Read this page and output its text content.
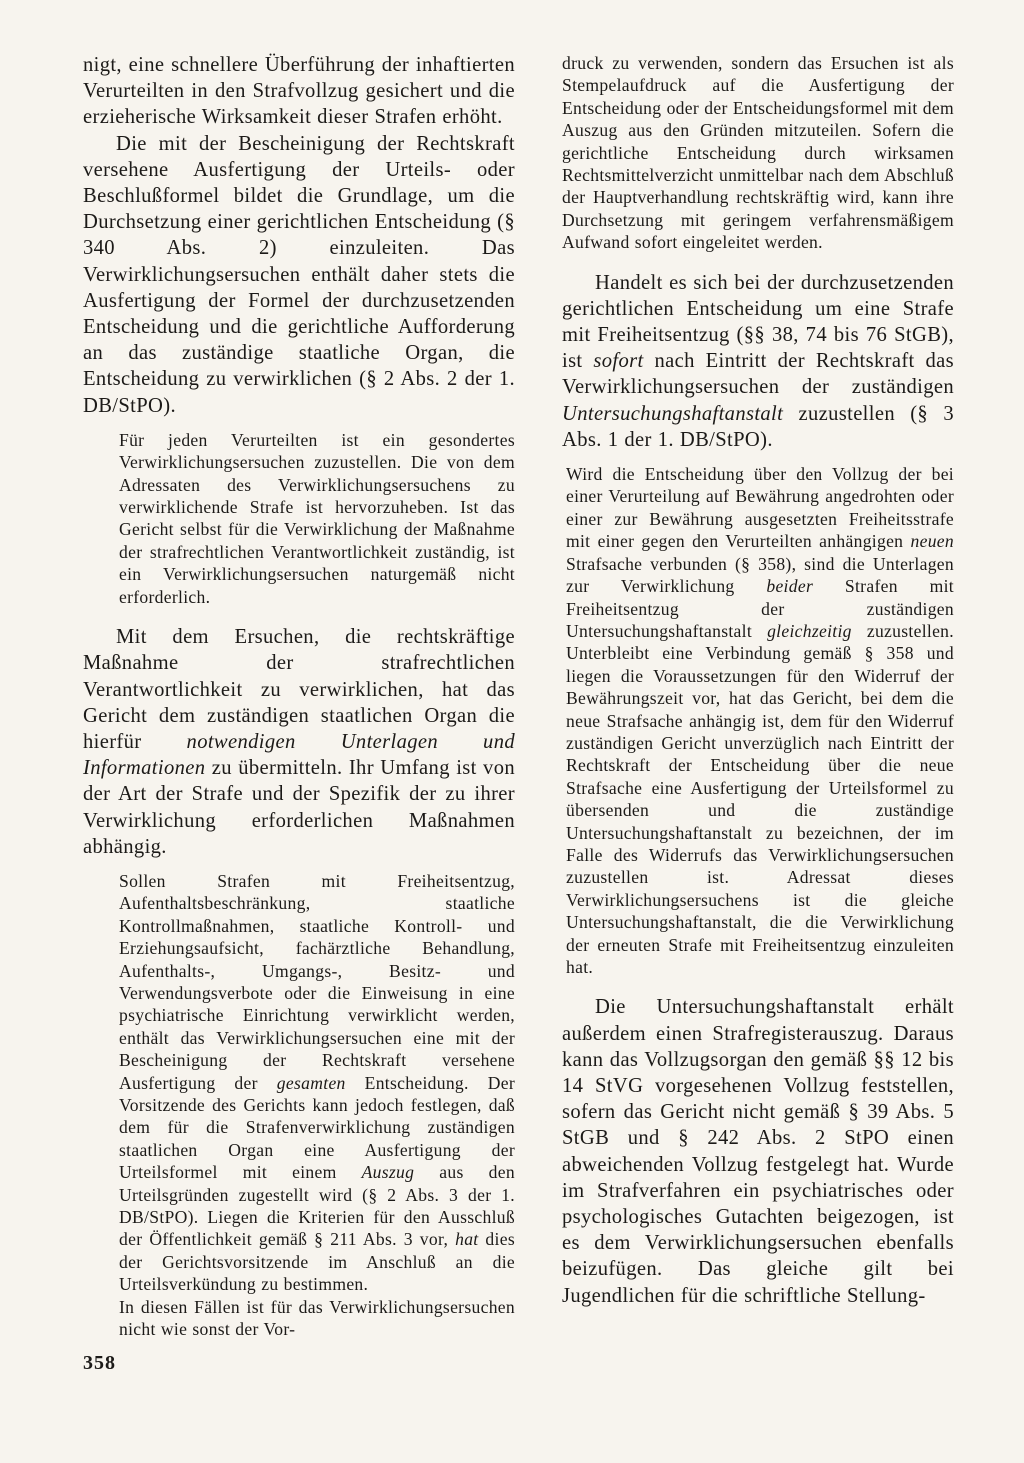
nigt, eine schnellere Überführung der inhaftierten Verurteilten in den Strafvollzug gesichert und die erzieherische Wirksamkeit dieser Strafen erhöht.

Die mit der Bescheinigung der Rechtskraft versehene Ausfertigung der Urteils- oder Beschlußformel bildet die Grundlage, um die Durchsetzung einer gerichtlichen Entscheidung (§ 340 Abs. 2) einzuleiten. Das Verwirklichungsersuchen enthält daher stets die Ausfertigung der Formel der durchzusetzenden Entscheidung und die gerichtliche Aufforderung an das zuständige staatliche Organ, die Entscheidung zu verwirklichen (§ 2 Abs. 2 der 1. DB/StPO).

Für jeden Verurteilten ist ein gesondertes Verwirklichungsersuchen zuzustellen. Die von dem Adressaten des Verwirklichungsersuchens zu verwirklichende Strafe ist hervorzuheben. Ist das Gericht selbst für die Verwirklichung der Maßnahme der strafrechtlichen Verantwortlichkeit zuständig, ist ein Verwirklichungsersuchen naturgemäß nicht erforderlich.

Mit dem Ersuchen, die rechtskräftige Maßnahme der strafrechtlichen Verantwortlichkeit zu verwirklichen, hat das Gericht dem zuständigen staatlichen Organ die hierfür notwendigen Unterlagen und Informationen zu übermitteln. Ihr Umfang ist von der Art der Strafe und der Spezifik der zu ihrer Verwirklichung erforderlichen Maßnahmen abhängig.

Sollen Strafen mit Freiheitsentzug, Aufenthaltsbeschränkung, staatliche Kontrollmaßnahmen, staatliche Kontroll- und Erziehungsaufsicht, fachärztliche Behandlung, Aufenthalts-, Umgangs-, Besitz- und Verwendungsverbote oder die Einweisung in eine psychiatrische Einrichtung verwirklicht werden, enthält das Verwirklichungsersuchen eine mit der Bescheinigung der Rechtskraft versehene Ausfertigung der gesamten Entscheidung. Der Vorsitzende des Gerichts kann jedoch festlegen, daß dem für die Strafenverwirklichung zuständigen staatlichen Organ eine Ausfertigung der Urteilsformel mit einem Auszug aus den Urteilsgründen zugestellt wird (§ 2 Abs. 3 der 1. DB/StPO). Liegen die Kriterien für den Ausschluß der Öffentlichkeit gemäß § 211 Abs. 3 vor, hat dies der Gerichtsvorsitzende im Anschluß an die Urteilsverkündung zu bestimmen.

In diesen Fällen ist für das Verwirklichungsersuchen nicht wie sonst der Vor-

druck zu verwenden, sondern das Ersuchen ist als Stempelaufdruck auf die Ausfertigung der Entscheidung oder der Entscheidungsformel mit dem Auszug aus den Gründen mitzuteilen. Sofern die gerichtliche Entscheidung durch wirksamen Rechtsmittelverzicht unmittelbar nach dem Abschluß der Hauptverhandlung rechtskräftig wird, kann ihre Durchsetzung mit geringem verfahrensmäßigem Aufwand sofort eingeleitet werden.

Handelt es sich bei der durchzusetzenden gerichtlichen Entscheidung um eine Strafe mit Freiheitsentzug (§§ 38, 74 bis 76 StGB), ist sofort nach Eintritt der Rechtskraft das Verwirklichungsersuchen der zuständigen Untersuchungshaftanstalt zuzustellen (§ 3 Abs. 1 der 1. DB/StPO).

Wird die Entscheidung über den Vollzug der bei einer Verurteilung auf Bewährung angedrohten oder einer zur Bewährung ausgesetzten Freiheitsstrafe mit einer gegen den Verurteilten anhängigen neuen Strafsache verbunden (§ 358), sind die Unterlagen zur Verwirklichung beider Strafen mit Freiheitsentzug der zuständigen Untersuchungshaftanstalt gleichzeitig zuzustellen. Unterbleibt eine Verbindung gemäß § 358 und liegen die Voraussetzungen für den Widerruf der Bewährungszeit vor, hat das Gericht, bei dem die neue Strafsache anhängig ist, dem für den Widerruf zuständigen Gericht unverzüglich nach Eintritt der Rechtskraft der Entscheidung über die neue Strafsache eine Ausfertigung der Urteilsformel zu übersenden und die zuständige Untersuchungshaftanstalt zu bezeichnen, der im Falle des Widerrufs das Verwirklichungsersuchen zuzustellen ist. Adressat dieses Verwirklichungsersuchens ist die gleiche Untersuchungshaftanstalt, die die Verwirklichung der erneuten Strafe mit Freiheitsentzug einzuleiten hat.

Die Untersuchungshaftanstalt erhält außerdem einen Strafregisterauszug. Daraus kann das Vollzugsorgan den gemäß §§ 12 bis 14 StVG vorgesehenen Vollzug feststellen, sofern das Gericht nicht gemäß § 39 Abs. 5 StGB und § 242 Abs. 2 StPO einen abweichenden Vollzug festgelegt hat. Wurde im Strafverfahren ein psychiatrisches oder psychologisches Gutachten beigezogen, ist es dem Verwirklichungsersuchen ebenfalls beizufügen. Das gleiche gilt bei Jugendlichen für die schriftliche Stellung-

358
